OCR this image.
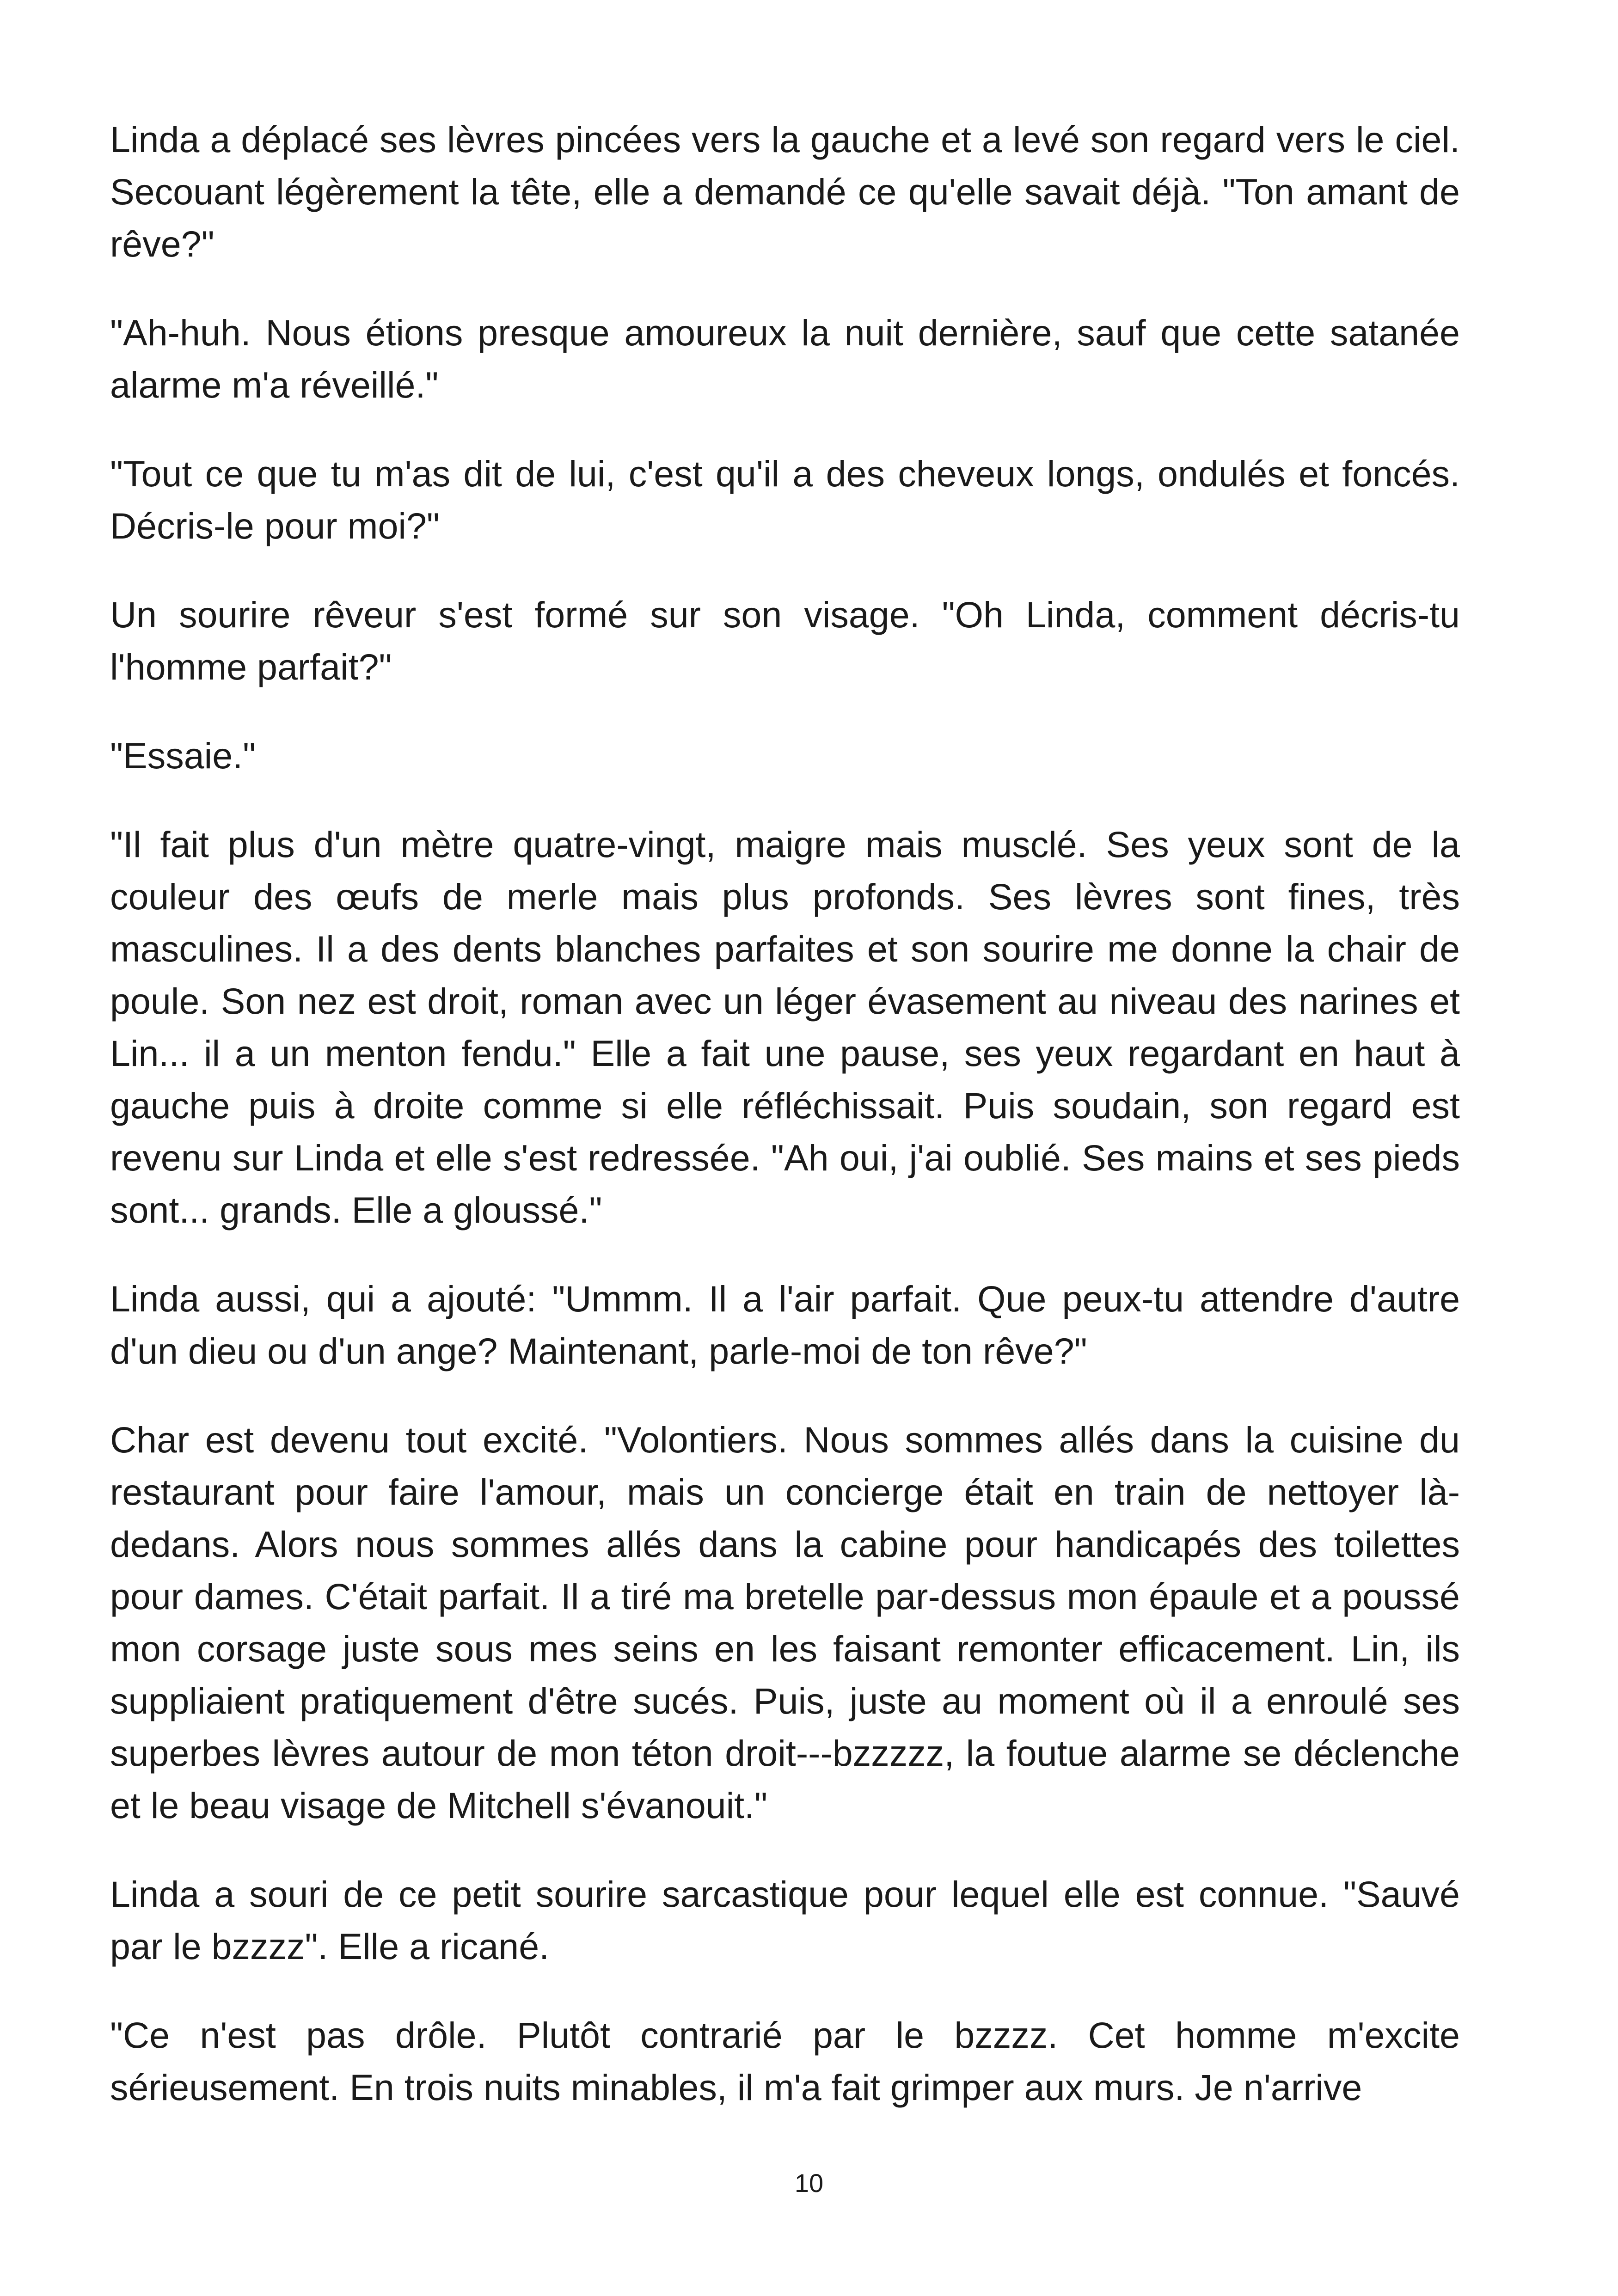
Linda a déplacé ses lèvres pincées vers la gauche et a levé son regard vers le ciel. Secouant légèrement la tête, elle a demandé ce qu'elle savait déjà. "Ton amant de rêve?"

"Ah-huh. Nous étions presque amoureux la nuit dernière, sauf que cette satanée alarme m'a réveillé."

"Tout ce que tu m'as dit de lui, c'est qu'il a des cheveux longs, ondulés et foncés. Décris-le pour moi?"

Un sourire rêveur s'est formé sur son visage. "Oh Linda, comment décris-tu l'homme parfait?"

"Essaie."

"Il fait plus d'un mètre quatre-vingt, maigre mais musclé. Ses yeux sont de la couleur des œufs de merle mais plus profonds. Ses lèvres sont fines, très masculines. Il a des dents blanches parfaites et son sourire me donne la chair de poule. Son nez est droit, roman avec un léger évasement au niveau des narines et Lin... il a un menton fendu." Elle a fait une pause, ses yeux regardant en haut à gauche puis à droite comme si elle réfléchissait. Puis soudain, son regard est revenu sur Linda et elle s'est redressée. "Ah oui, j'ai oublié. Ses mains et ses pieds sont... grands. Elle a gloussé."

Linda aussi, qui a ajouté: "Ummm. Il a l'air parfait. Que peux-tu attendre d'autre d'un dieu ou d'un ange? Maintenant, parle-moi de ton rêve?"

Char est devenu tout excité. "Volontiers. Nous sommes allés dans la cuisine du restaurant pour faire l'amour, mais un concierge était en train de nettoyer là-dedans. Alors nous sommes allés dans la cabine pour handicapés des toilettes pour dames. C'était parfait. Il a tiré ma bretelle par-dessus mon épaule et a poussé mon corsage juste sous mes seins en les faisant remonter efficacement. Lin, ils suppliaient pratiquement d'être sucés. Puis, juste au moment où il a enroulé ses superbes lèvres autour de mon téton droit---bzzzzz, la foutue alarme se déclenche et le beau visage de Mitchell s'évanouit."

Linda a souri de ce petit sourire sarcastique pour lequel elle est connue. "Sauvé par le bzzzz". Elle a ricané.

"Ce n'est pas drôle. Plutôt contrarié par le bzzzz. Cet homme m'excite sérieusement. En trois nuits minables, il m'a fait grimper aux murs. Je n'arrive

10
